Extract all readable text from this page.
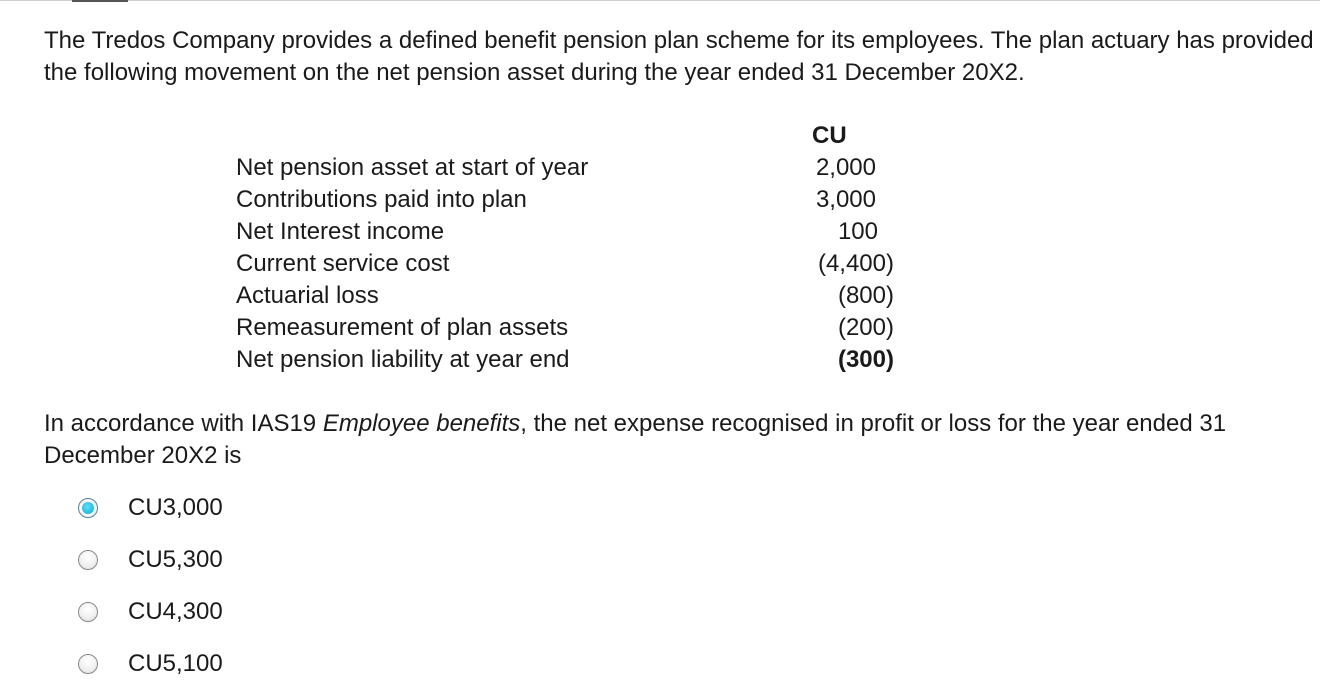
The Tredos Company provides a defined benefit pension plan scheme for its employees. The plan actuary has provided the following movement on the net pension asset during the year ended 31 December 20X2.

CU
Net pension asset at start of year	2,000
Contributions paid into plan	3,000
Net Interest income	100
Current service cost	(4,400)
Actuarial loss	(800)
Remeasurement of plan assets	(200)
Net pension liability at year end	(300)

In accordance with IAS19 Employee benefits, the net expense recognised in profit or loss for the year ended 31 December 20X2 is

CU3,000
CU5,300
CU4,300
CU5,100
